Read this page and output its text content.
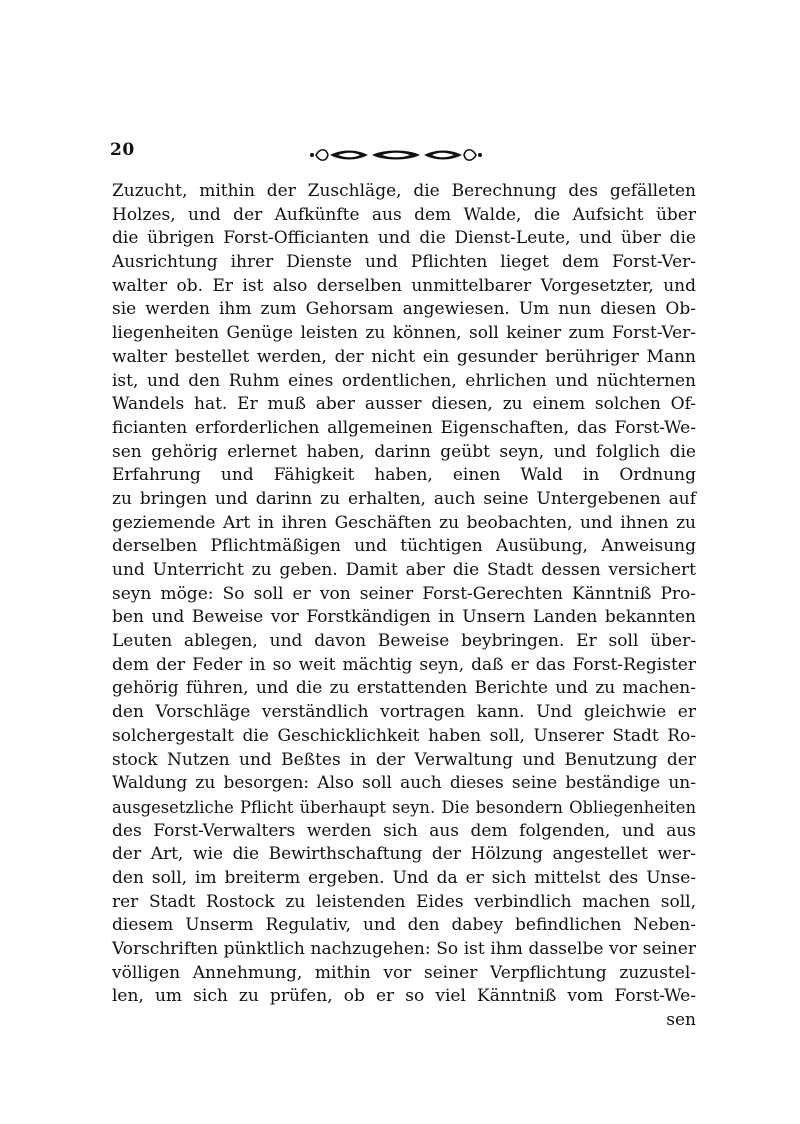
20
Zuzucht, mithin der Zuschläge, die Berechnung des gefälleten
Holzes, und der Aufkünfte aus dem Walde, die Aufsicht über
die übrigen Forst-Officianten und die Dienst-Leute, und über die
Ausrichtung ihrer Dienste und Pflichten lieget dem Forst-Ver-
walter ob. Er ist also derselben unmittelbarer Vorgesetzter, und
sie werden ihm zum Gehorsam angewiesen. Um nun diesen Ob-
liegenheiten Genüge leisten zu können, soll keiner zum Forst-Ver-
walter bestellet werden, der nicht ein gesunder berühriger Mann
ist, und den Ruhm eines ordentlichen, ehrlichen und nüchternen
Wandels hat. Er muß aber ausser diesen, zu einem solchen Of-
ficianten erforderlichen allgemeinen Eigenschaften, das Forst-We-
sen gehörig erlernet haben, darinn geübt seyn, und folglich die
Erfahrung und Fähigkeit haben, einen Wald in Ordnung
zu bringen und darinn zu erhalten, auch seine Untergebenen auf
geziemende Art in ihren Geschäften zu beobachten, und ihnen zu
derselben Pflichtmäßigen und tüchtigen Ausübung, Anweisung
und Unterricht zu geben. Damit aber die Stadt dessen versichert
seyn möge: So soll er von seiner Forst-Gerechten Känntniß Pro-
ben und Beweise vor Forstkändigen in Unsern Landen bekannten
Leuten ablegen, und davon Beweise beybringen. Er soll über-
dem der Feder in so weit mächtig seyn, daß er das Forst-Register
gehörig führen, und die zu erstattenden Berichte und zu machen-
den Vorschläge verständlich vortragen kann. Und gleichwie er
solchergestalt die Geschicklichkeit haben soll, Unserer Stadt Ro-
stock Nutzen und Beßtes in der Verwaltung und Benutzung der
Waldung zu besorgen: Also soll auch dieses seine beständige un-
ausgesetzliche Pflicht überhaupt seyn. Die besondern Obliegenheiten
des Forst-Verwalters werden sich aus dem folgenden, und aus
der Art, wie die Bewirthschaftung der Hölzung angestellet wer-
den soll, im breiterm ergeben. Und da er sich mittelst des Unse-
rer Stadt Rostock zu leistenden Eides verbindlich machen soll,
diesem Unserm Regulativ, und den dabey befindlichen Neben-
Vorschriften pünktlich nachzugehen: So ist ihm dasselbe vor seiner
völligen Annehmung, mithin vor seiner Verpflichtung zuzustel-
len, um sich zu prüfen, ob er so viel Känntniß vom Forst-We-
sen
